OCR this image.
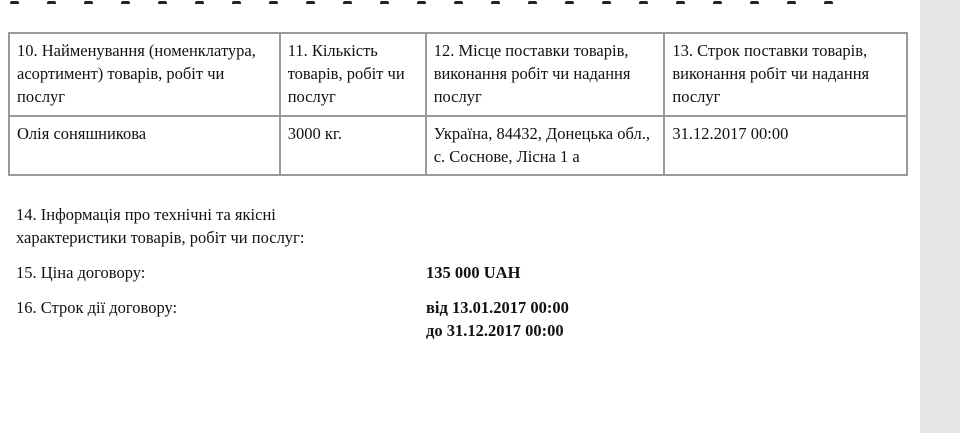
10. Найменування (номенклатура, асортимент) товарів, робіт чи послуг	11. Кількість товарів, робіт чи послуг	12. Місце поставки товарів, виконання робіт чи надання послуг	13. Строк поставки товарів, виконання робіт чи надання послуг
Олія соняшникова	3000 кг.	Україна, 84432, Донецька обл., с. Соснове, Лісна 1 а	31.12.2017 00:00
14. Інформація про технічні та якісні
характеристики товарів, робіт чи послуг:
15. Ціна договору:	135 000 UAH
16. Строк дії договору:	від 13.01.2017 00:00
до 31.12.2017 00:00
